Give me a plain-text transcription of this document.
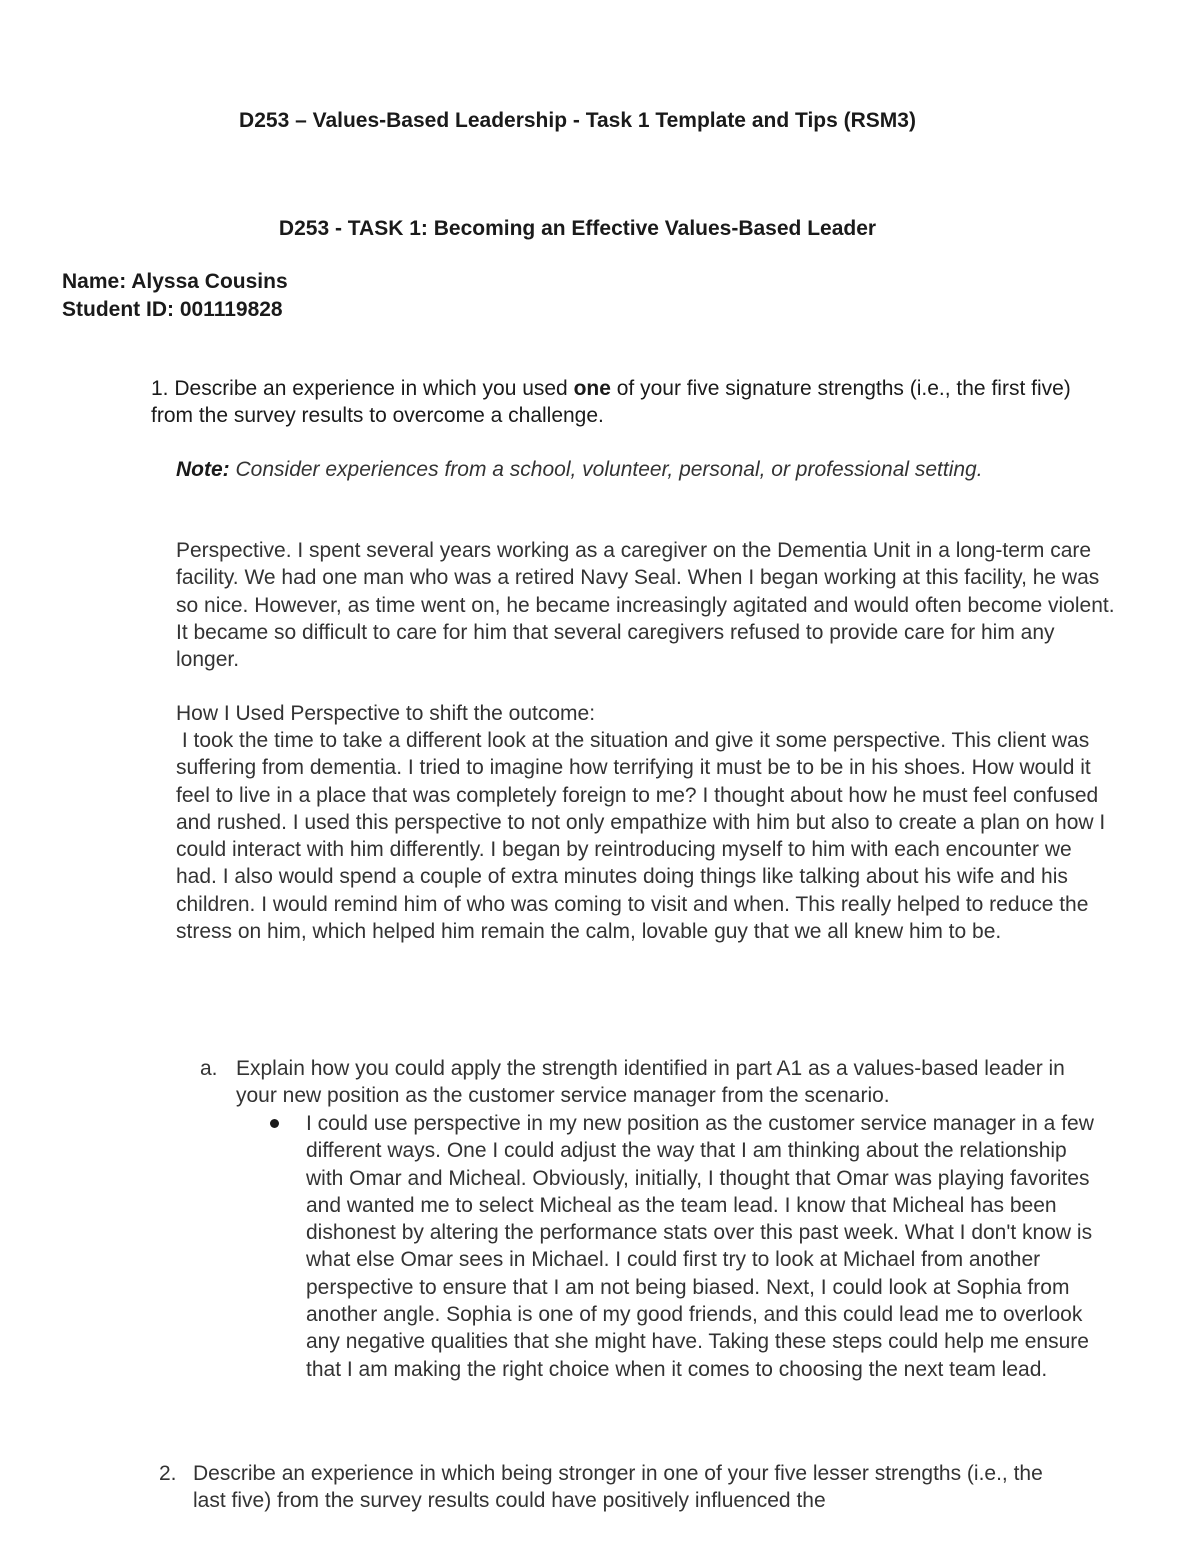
D253 – Values-Based Leadership - Task 1 Template and Tips (RSM3)
D253 - TASK 1: Becoming an Effective Values-Based Leader
Name: Alyssa Cousins
Student ID: 001119828

1. Describe an experience in which you used one of your five signature strengths (i.e., the first five) from the survey results to overcome a challenge.

Note: Consider experiences from a school, volunteer, personal, or professional setting.

Perspective. I spent several years working as a caregiver on the Dementia Unit in a long-term care facility. We had one man who was a retired Navy Seal. When I began working at this facility, he was so nice. However, as time went on, he became increasingly agitated and would often become violent. It became so difficult to care for him that several caregivers refused to provide care for him any longer.

How I Used Perspective to shift the outcome:

I took the time to take a different look at the situation and give it some perspective. This client was suffering from dementia. I tried to imagine how terrifying it must be to be in his shoes. How would it feel to live in a place that was completely foreign to me? I thought about how he must feel confused and rushed. I used this perspective to not only empathize with him but also to create a plan on how I could interact with him differently. I began by reintroducing myself to him with each encounter we had. I also would spend a couple of extra minutes doing things like talking about his wife and his children. I would remind him of who was coming to visit and when. This really helped to reduce the stress on him, which helped him remain the calm, lovable guy that we all knew him to be.

a. Explain how you could apply the strength identified in part A1 as a values-based leader in your new position as the customer service manager from the scenario.
I could use perspective in my new position as the customer service manager in a few different ways. One I could adjust the way that I am thinking about the relationship with Omar and Micheal. Obviously, initially, I thought that Omar was playing favorites and wanted me to select Micheal as the team lead. I know that Micheal has been dishonest by altering the performance stats over this past week. What I don't know is what else Omar sees in Michael. I could first try to look at Michael from another perspective to ensure that I am not being biased. Next, I could look at Sophia from another angle. Sophia is one of my good friends, and this could lead me to overlook any negative qualities that she might have. Taking these steps could help me ensure that I am making the right choice when it comes to choosing the next team lead.
2. Describe an experience in which being stronger in one of your five lesser strengths (i.e., the last five) from the survey results could have positively influenced the
